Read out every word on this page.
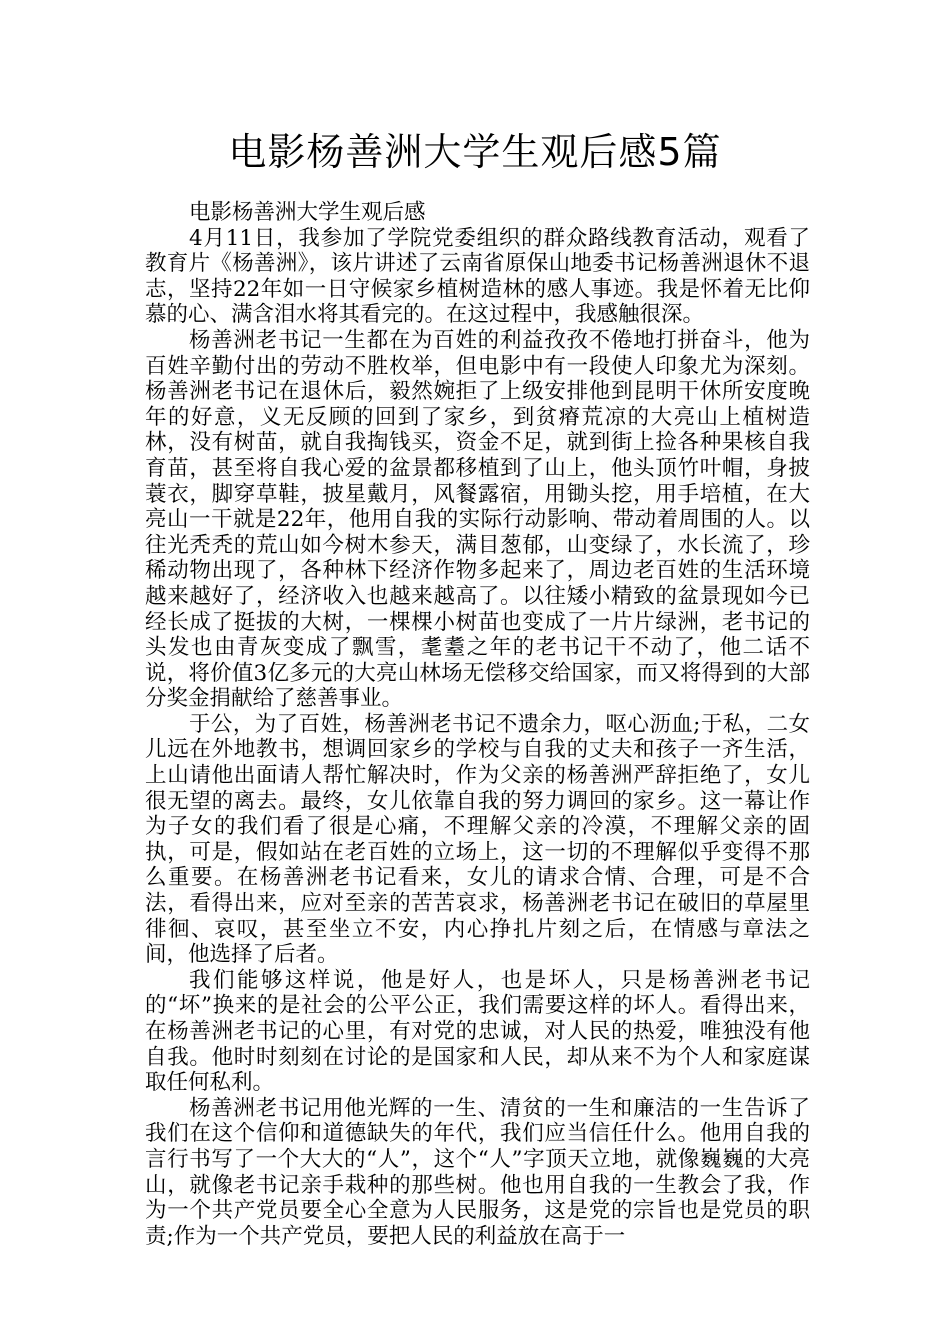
电影杨善洲大学生观后感5篇

电影杨善洲大学生观后感

4月11日，我参加了学院党委组织的群众路线教育活动，观看了教育片《杨善洲》，该片讲述了云南省原保山地委书记杨善洲退休不退志，坚持22年如一日守候家乡植树造林的感人事迹。我是怀着无比仰慕的心、满含泪水将其看完的。在这过程中，我感触很深。

杨善洲老书记一生都在为百姓的利益孜孜不倦地打拼奋斗，他为百姓辛勤付出的劳动不胜枚举，但电影中有一段使人印象尤为深刻。杨善洲老书记在退休后，毅然婉拒了上级安排他到昆明干休所安度晚年的好意，义无反顾的回到了家乡，到贫瘠荒凉的大亮山上植树造林，没有树苗，就自我掏钱买，资金不足，就到街上捡各种果核自我育苗，甚至将自我心爱的盆景都移植到了山上，他头顶竹叶帽，身披蓑衣，脚穿草鞋，披星戴月，风餐露宿，用锄头挖，用手培植，在大亮山一干就是22年，他用自我的实际行动影响、带动着周围的人。以往光秃秃的荒山如今树木参天，满目葱郁，山变绿了，水长流了，珍稀动物出现了，各种林下经济作物多起来了，周边老百姓的生活环境越来越好了，经济收入也越来越高了。以往矮小精致的盆景现如今已经长成了挺拔的大树，一棵棵小树苗也变成了一片片绿洲，老书记的头发也由青灰变成了飘雪，耄耋之年的老书记干不动了，他二话不说，将价值3亿多元的大亮山林场无偿移交给国家，而又将得到的大部分奖金捐献给了慈善事业。

于公，为了百姓，杨善洲老书记不遗余力，呕心沥血;于私，二女儿远在外地教书，想调回家乡的学校与自我的丈夫和孩子一齐生活，上山请他出面请人帮忙解决时，作为父亲的杨善洲严辞拒绝了，女儿很无望的离去。最终，女儿依靠自我的努力调回的家乡。这一幕让作为子女的我们看了很是心痛，不理解父亲的冷漠，不理解父亲的固执，可是，假如站在老百姓的立场上，这一切的不理解似乎变得不那么重要。在杨善洲老书记看来，女儿的请求合情、合理，可是不合法，看得出来，应对至亲的苦苦哀求，杨善洲老书记在破旧的草屋里徘徊、哀叹，甚至坐立不安，内心挣扎片刻之后，在情感与章法之间，他选择了后者。

我们能够这样说，他是好人，也是坏人，只是杨善洲老书记的“坏”换来的是社会的公平公正，我们需要这样的坏人。看得出来，在杨善洲老书记的心里，有对党的忠诚，对人民的热爱，唯独没有他自我。他时时刻刻在讨论的是国家和人民，却从来不为个人和家庭谋取任何私利。

杨善洲老书记用他光辉的一生、清贫的一生和廉洁的一生告诉了我们在这个信仰和道德缺失的年代，我们应当信任什么。他用自我的言行书写了一个大大的“人”，这个“人”字顶天立地，就像巍巍的大亮山，就像老书记亲手栽种的那些树。他也用自我的一生教会了我，作为一个共产党员要全心全意为人民服务，这是党的宗旨也是党员的职责;作为一个共产党员，要把人民的利益放在高于一
